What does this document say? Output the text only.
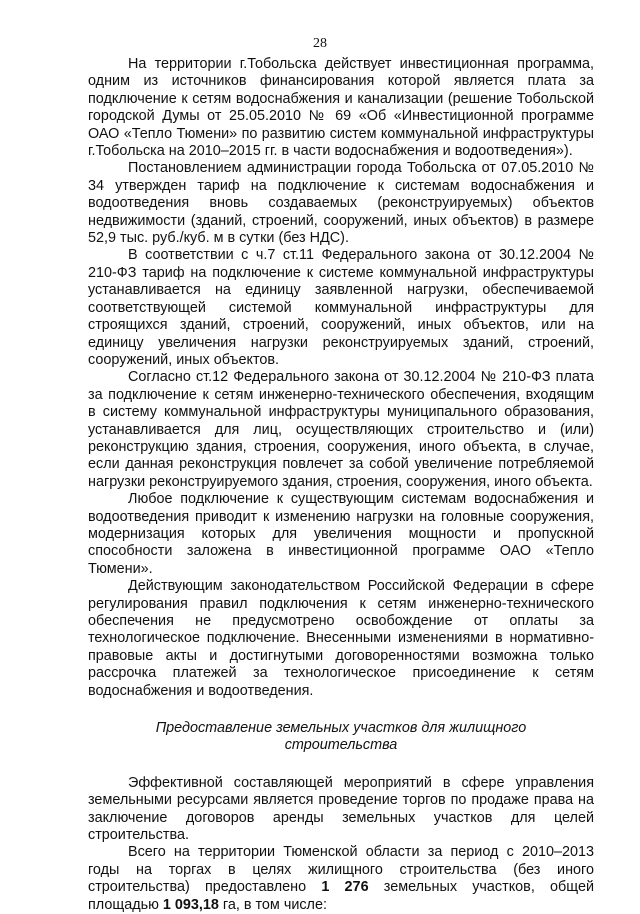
28

На территории г.Тобольска действует инвестиционная программа, одним из источников финансирования которой является плата за подключение к сетям водоснабжения и канализации (решение Тобольской городской Думы от 25.05.2010 № 69 «Об «Инвестиционной программе ОАО «Тепло Тюмени» по развитию систем коммунальной инфраструктуры г.Тобольска на 2010–2015 гг. в части водоснабжения и водоотведения»).

Постановлением администрации города Тобольска от 07.05.2010 № 34 утвержден тариф на подключение к системам водоснабжения и водоотведения вновь создаваемых (реконструируемых) объектов недвижимости (зданий, строений, сооружений, иных объектов) в размере 52,9 тыс. руб./куб. м в сутки (без НДС).

В соответствии с ч.7 ст.11 Федерального закона от 30.12.2004 № 210-ФЗ тариф на подключение к системе коммунальной инфраструктуры устанавливается на единицу заявленной нагрузки, обеспечиваемой соответствующей системой коммунальной инфраструктуры для строящихся зданий, строений, сооружений, иных объектов, или на единицу увеличения нагрузки реконструируемых зданий, строений, сооружений, иных объектов.

Согласно ст.12 Федерального закона от 30.12.2004 № 210-ФЗ плата за подключение к сетям инженерно-технического обеспечения, входящим в систему коммунальной инфраструктуры муниципального образования, устанавливается для лиц, осуществляющих строительство и (или) реконструкцию здания, строения, сооружения, иного объекта, в случае, если данная реконструкция повлечет за собой увеличение потребляемой нагрузки реконструируемого здания, строения, сооружения, иного объекта.

Любое подключение к существующим системам водоснабжения и водоотведения приводит к изменению нагрузки на головные сооружения, модернизация которых для увеличения мощности и пропускной способности заложена в инвестиционной программе ОАО «Тепло Тюмени».

Действующим законодательством Российской Федерации в сфере регулирования правил подключения к сетям инженерно-технического обеспечения не предусмотрено освобождение от оплаты за технологическое подключение. Внесенными изменениями в нормативно-правовые акты и достигнутыми договоренностями возможна только рассрочка платежей за технологическое присоединение к сетям водоснабжения и водоотведения.

Предоставление земельных участков для жилищного строительства

Эффективной составляющей мероприятий в сфере управления земельными ресурсами является проведение торгов по продаже права на заключение договоров аренды земельных участков для целей строительства.

Всего на территории Тюменской области за период с 2010–2013 годы на торгах в целях жилищного строительства (без иного строительства) предоставлено 1 276 земельных участков, общей площадью 1 093,18 га, в том числе:
